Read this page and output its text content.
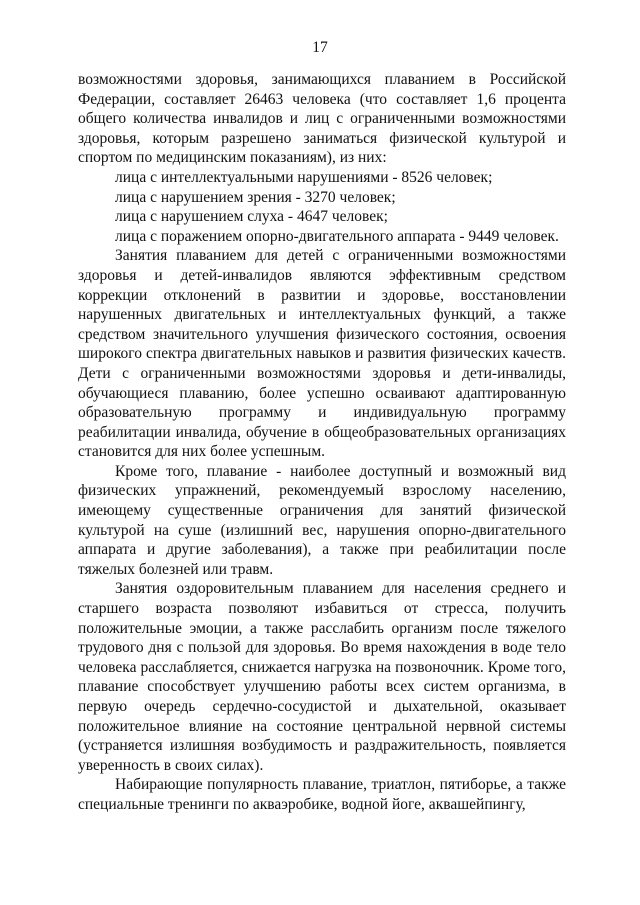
17

возможностями здоровья, занимающихся плаванием в Российской Федерации, составляет 26463 человека (что составляет 1,6 процента общего количества инвалидов и лиц с ограниченными возможностями здоровья, которым разрешено заниматься физической культурой и спортом по медицинским показаниям), из них:

лица с интеллектуальными нарушениями - 8526 человек;

лица с нарушением зрения - 3270 человек;

лица с нарушением слуха - 4647 человек;

лица с поражением опорно-двигательного аппарата - 9449 человек.

Занятия плаванием для детей с ограниченными возможностями здоровья и детей-инвалидов являются эффективным средством коррекции отклонений в развитии и здоровье, восстановлении нарушенных двигательных и интеллектуальных функций, а также средством значительного улучшения физического состояния, освоения широкого спектра двигательных навыков и развития физических качеств. Дети с ограниченными возможностями здоровья и дети-инвалиды, обучающиеся плаванию, более успешно осваивают адаптированную образовательную программу и индивидуальную программу реабилитации инвалида, обучение в общеобразовательных организациях становится для них более успешным.

Кроме того, плавание - наиболее доступный и возможный вид физических упражнений, рекомендуемый взрослому населению, имеющему существенные ограничения для занятий физической культурой на суше (излишний вес, нарушения опорно-двигательного аппарата и другие заболевания), а также при реабилитации после тяжелых болезней или травм.

Занятия оздоровительным плаванием для населения среднего и старшего возраста позволяют избавиться от стресса, получить положительные эмоции, а также расслабить организм после тяжелого трудового дня с пользой для здоровья. Во время нахождения в воде тело человека расслабляется, снижается нагрузка на позвоночник. Кроме того, плавание способствует улучшению работы всех систем организма, в первую очередь сердечно-сосудистой и дыхательной, оказывает положительное влияние на состояние центральной нервной системы (устраняется излишняя возбудимость и раздражительность, появляется уверенность в своих силах).

Набирающие популярность плавание, триатлон, пятиборье, а также специальные тренинги по акваэробике, водной йоге, аквашейпингу,
